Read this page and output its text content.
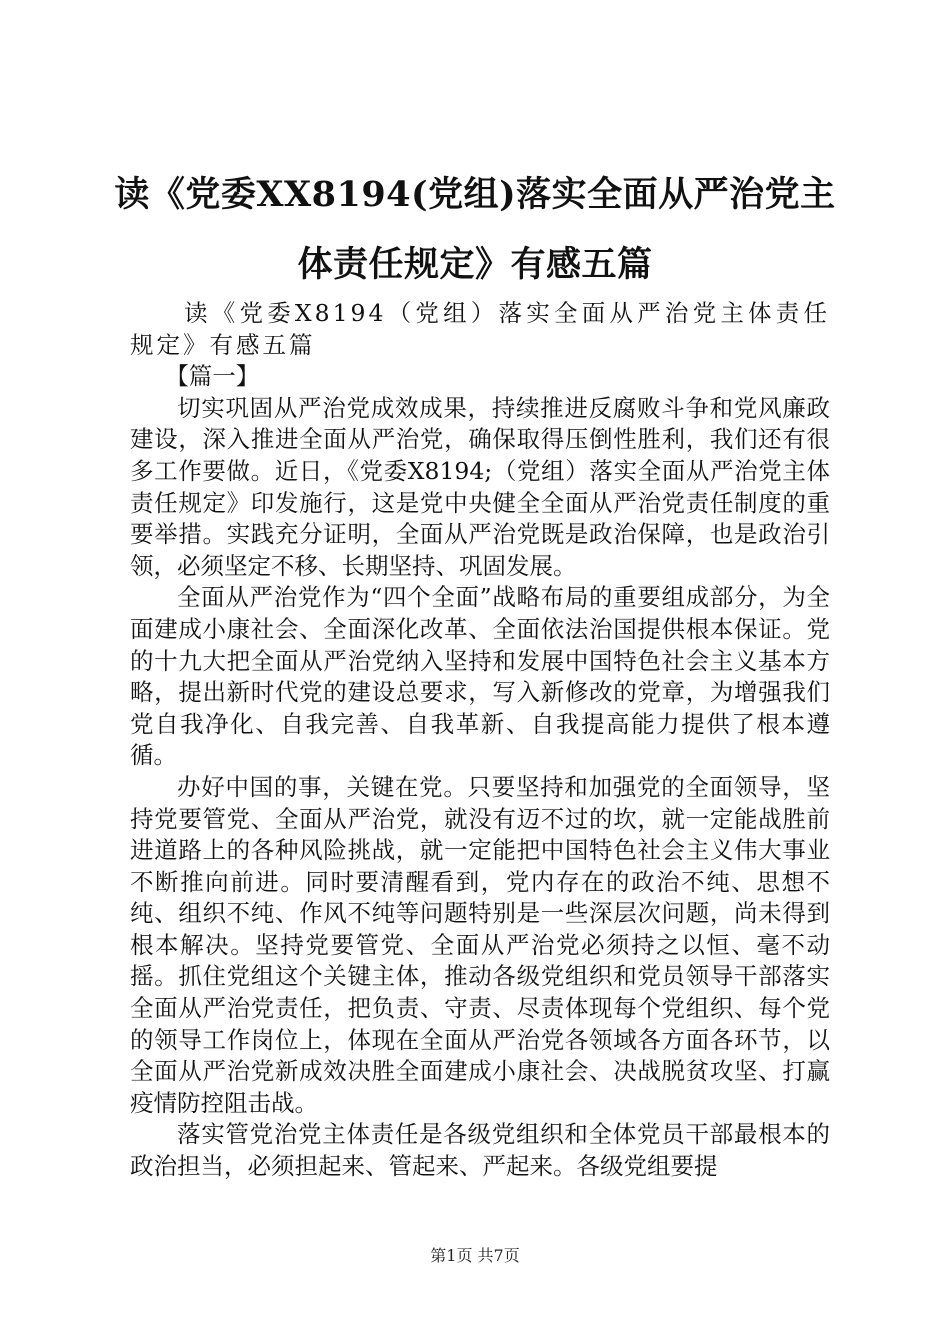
读《党委XX8194(党组)落实全面从严治党主
体责任规定》有感五篇

读《党委X8194（党组）落实全面从严治党主体责任规定》有感五篇

【篇一】

切实巩固从严治党成效成果，持续推进反腐败斗争和党风廉政建设，深入推进全面从严治党，确保取得压倒性胜利，我们还有很多工作要做。近日，《党委X8194;（党组）落实全面从严治党主体责任规定》印发施行，这是党中央健全全面从严治党责任制度的重要举措。实践充分证明，全面从严治党既是政治保障，也是政治引领，必须坚定不移、长期坚持、巩固发展。

全面从严治党作为“四个全面”战略布局的重要组成部分，为全面建成小康社会、全面深化改革、全面依法治国提供根本保证。党的十九大把全面从严治党纳入坚持和发展中国特色社会主义基本方略，提出新时代党的建设总要求，写入新修改的党章，为增强我们党自我净化、自我完善、自我革新、自我提高能力提供了根本遵循。

办好中国的事，关键在党。只要坚持和加强党的全面领导，坚持党要管党、全面从严治党，就没有迈不过的坎，就一定能战胜前进道路上的各种风险挑战，就一定能把中国特色社会主义伟大事业不断推向前进。同时要清醒看到，党内存在的政治不纯、思想不纯、组织不纯、作风不纯等问题特别是一些深层次问题，尚未得到根本解决。坚持党要管党、全面从严治党必须持之以恒、毫不动摇。抓住党组这个关键主体，推动各级党组织和党员领导干部落实全面从严治党责任，把负责、守责、尽责体现每个党组织、每个党的领导工作岗位上，体现在全面从严治党各领域各方面各环节，以全面从严治党新成效决胜全面建成小康社会、决战脱贫攻坚、打赢疫情防控阻击战。

落实管党治党主体责任是各级党组织和全体党员干部最根本的政治担当，必须担起来、管起来、严起来。各级党组要提

第1页 共7页
